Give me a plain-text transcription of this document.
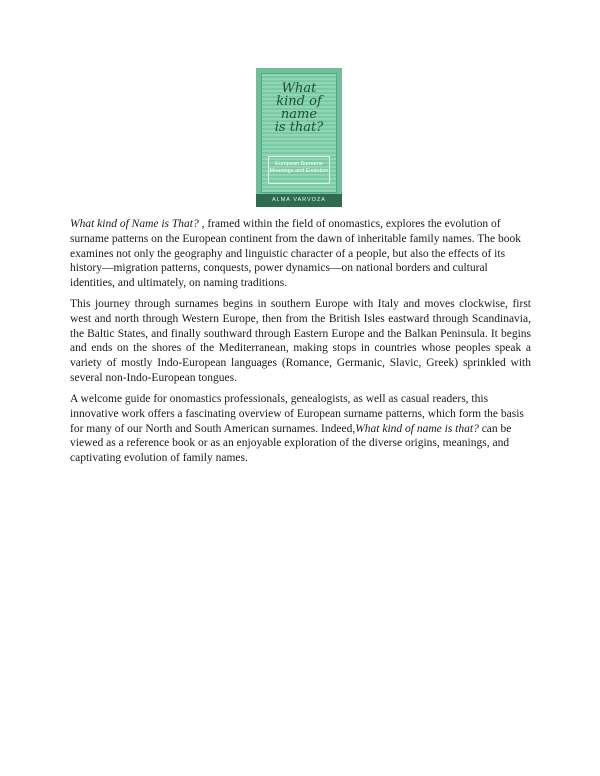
What
kind of
name
is that?
European Surname
Meanings and Evolution
ALMA VARVOZA

What kind of Name is That? , framed within the field of onomastics, explores the evolution of surname patterns on the European continent from the dawn of inheritable family names. The book examines not only the geography and linguistic character of a people, but also the effects of its history—migration patterns, conquests, power dynamics—on national borders and cultural identities, and ultimately, on naming traditions.

This journey through surnames begins in southern Europe with Italy and moves clockwise, first west and north through Western Europe, then from the British Isles eastward through Scandinavia, the Baltic States, and finally southward through Eastern Europe and the Balkan Peninsula. It begins and ends on the shores of the Mediterranean, making stops in countries whose peoples speak a variety of mostly Indo-European languages (Romance, Germanic, Slavic, Greek) sprinkled with several non-Indo-European tongues.

A welcome guide for onomastics professionals, genealogists, as well as casual readers, this innovative work offers a fascinating overview of European surname patterns, which form the basis for many of our North and South American surnames. Indeed,What kind of name is that? can be viewed as a reference book or as an enjoyable exploration of the diverse origins, meanings, and captivating evolution of family names.
